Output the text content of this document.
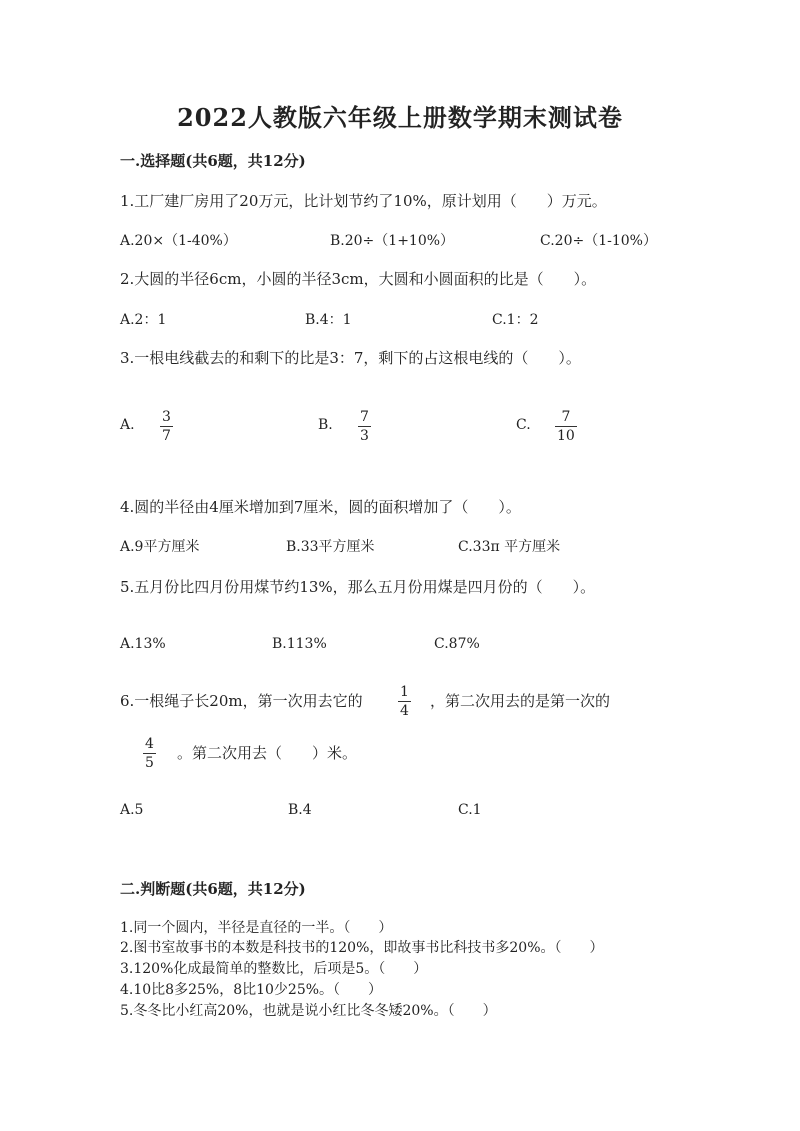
2022人教版六年级上册数学期末测试卷
一.选择题(共6题，共12分)
1.工厂建厂房用了20万元，比计划节约了10%，原计划用（　　）万元。
A.20×（1-40%）	B.20÷（1+10%）	C.20÷（1-10%）
2.大圆的半径6cm，小圆的半径3cm，大圆和小圆面积的比是（　　）。
A.2：1	B.4：1	C.1：2
3.一根电线截去的和剩下的比是3：7，剩下的占这根电线的（　　）。
A. 3
7
B. 7
3
C. 7
10
4.圆的半径由4厘米增加到7厘米，圆的面积增加了（　　）。
A.9平方厘米	B.33平方厘米	C.33π 平方厘米
5.五月份比四月份用煤节约13%，那么五月份用煤是四月份的（　　）。
A.13%	B.113%	C.87%
6.一根绳子长20m，第一次用去它的	1
4
，第二次用去的是第一次的
4
5
。第二次用去（　　）米。
A.5	B.4	C.1
二.判断题(共6题，共12分)
1.同一个圆内，半径是直径的一半。（　　）
2.图书室故事书的本数是科技书的120%，即故事书比科技书多20%。（　　）
3.120%化成最简单的整数比，后项是5。（　　）
4.10比8多25%，8比10少25%。（　　）
5.冬冬比小红高20%，也就是说小红比冬冬矮20%。（　　）
